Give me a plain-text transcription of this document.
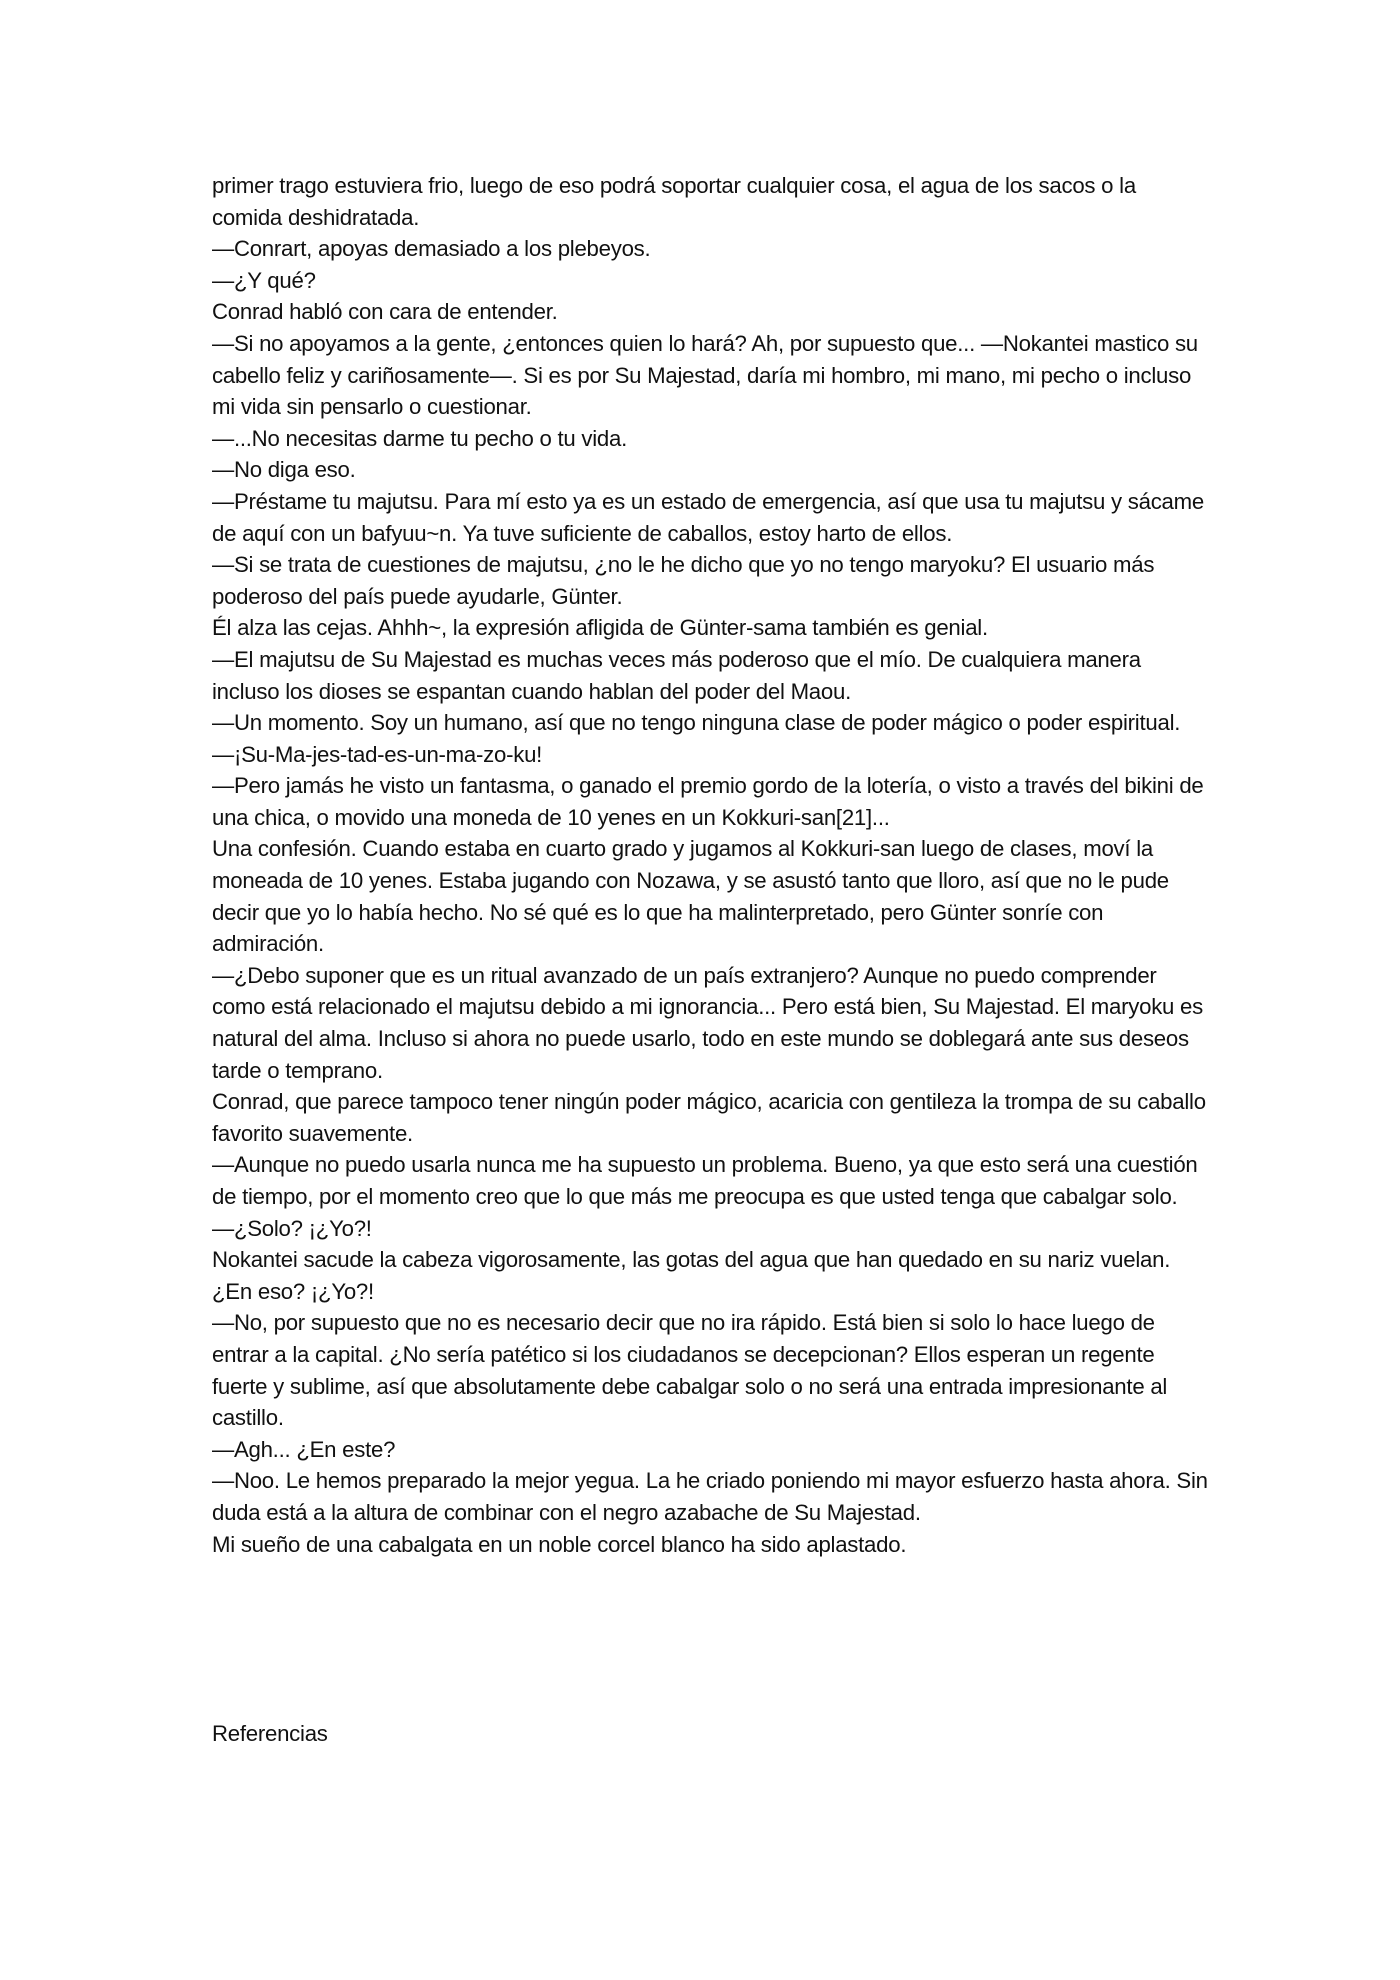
primer trago estuviera frio, luego de eso podrá soportar cualquier cosa, el agua de los sacos o la comida deshidratada.

—Conrart, apoyas demasiado a los plebeyos.

—¿Y qué?

Conrad habló con cara de entender.

—Si no apoyamos a la gente, ¿entonces quien lo hará? Ah, por supuesto que... —Nokantei mastico su cabello feliz y cariñosamente—. Si es por Su Majestad, daría mi hombro, mi mano, mi pecho o incluso mi vida sin pensarlo o cuestionar.

—...No necesitas darme tu pecho o tu vida.

—No diga eso.

—Préstame tu majutsu. Para mí esto ya es un estado de emergencia, así que usa tu majutsu y sácame de aquí con un bafyuu~n. Ya tuve suficiente de caballos, estoy harto de ellos.

—Si se trata de cuestiones de majutsu, ¿no le he dicho que yo no tengo maryoku? El usuario más poderoso del país puede ayudarle, Günter.

Él alza las cejas. Ahhh~, la expresión afligida de Günter-sama también es genial.

—El majutsu de Su Majestad es muchas veces más poderoso que el mío. De cualquiera manera incluso los dioses se espantan cuando hablan del poder del Maou.

—Un momento. Soy un humano, así que no tengo ninguna clase de poder mágico o poder espiritual.

—¡Su-Ma-jes-tad-es-un-ma-zo-ku!

—Pero jamás he visto un fantasma, o ganado el premio gordo de la lotería, o visto a través del bikini de una chica, o movido una moneda de 10 yenes en un Kokkuri-san[21]...

Una confesión. Cuando estaba en cuarto grado y jugamos al Kokkuri-san luego de clases, moví la moneada de 10 yenes. Estaba jugando con Nozawa, y se asustó tanto que lloro, así que no le pude decir que yo lo había hecho. No sé qué es lo que ha malinterpretado, pero Günter sonríe con admiración.

—¿Debo suponer que es un ritual avanzado de un país extranjero? Aunque no puedo comprender como está relacionado el majutsu debido a mi ignorancia... Pero está bien, Su Majestad. El maryoku es natural del alma. Incluso si ahora no puede usarlo, todo en este mundo se doblegará ante sus deseos tarde o temprano.

Conrad, que parece tampoco tener ningún poder mágico, acaricia con gentileza la trompa de su caballo favorito suavemente.

—Aunque no puedo usarla nunca me ha supuesto un problema. Bueno, ya que esto será una cuestión de tiempo, por el momento creo que lo que más me preocupa es que usted tenga que cabalgar solo.

—¿Solo? ¡¿Yo?!

Nokantei sacude la cabeza vigorosamente, las gotas del agua que han quedado en su nariz vuelan. ¿En eso? ¡¿Yo?!

—No, por supuesto que no es necesario decir que no ira rápido. Está bien si solo lo hace luego de entrar a la capital. ¿No sería patético si los ciudadanos se decepcionan? Ellos esperan un regente fuerte y sublime, así que absolutamente debe cabalgar solo o no será una entrada impresionante al castillo.

—Agh... ¿En este?

—Noo. Le hemos preparado la mejor yegua. La he criado poniendo mi mayor esfuerzo hasta ahora. Sin duda está a la altura de combinar con el negro azabache de Su Majestad.

Mi sueño de una cabalgata en un noble corcel blanco ha sido aplastado.

Referencias
